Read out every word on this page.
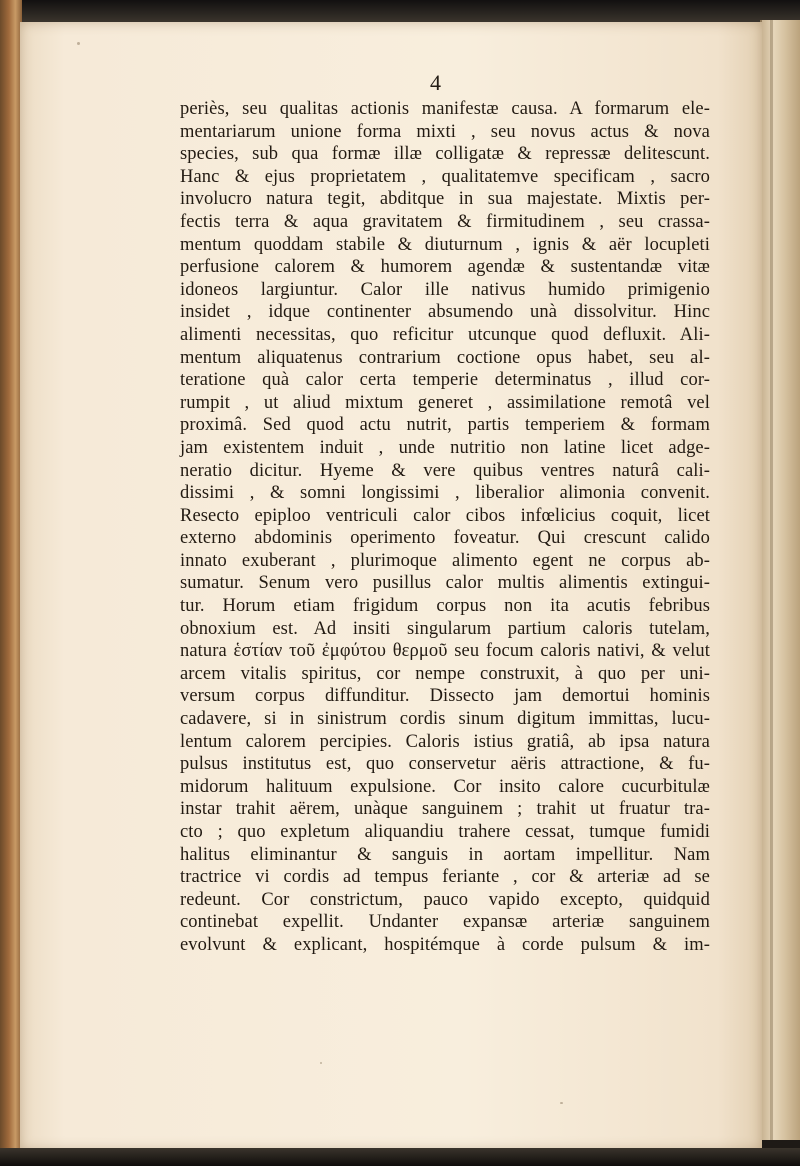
4
periès, seu qualitas actionis manifestæ causa. A formarum ele-
mentariarum unione forma mixti , seu novus actus & nova
species, sub qua formæ illæ colligatæ & repressæ delitescunt.
Hanc & ejus proprietatem , qualitatemve specificam , sacro
involucro natura tegit, abditque in sua majestate. Mixtis per-
fectis terra & aqua gravitatem & firmitudinem , seu crassa-
mentum quoddam stabile & diuturnum , ignis & aër locupleti
perfusione calorem & humorem agendæ & sustentandæ vitæ
idoneos largiuntur. Calor ille nativus humido primigenio
insidet , idque continenter absumendo unà dissolvitur. Hinc
alimenti necessitas, quo reficitur utcunque quod defluxit. Ali-
mentum aliquatenus contrarium coctione opus habet, seu al-
teratione quà calor certa temperie determinatus , illud cor-
rumpit , ut aliud mixtum generet , assimilatione remotâ vel
proximâ. Sed quod actu nutrit, partis temperiem & formam
jam existentem induit , unde nutritio non latine licet adge-
neratio dicitur. Hyeme & vere quibus ventres naturâ cali-
dissimi , & somni longissimi , liberalior alimonia convenit.
Resecto epiploo ventriculi calor cibos infœlicius coquit, licet
externo abdominis operimento foveatur. Qui crescunt calido
innato exuberant , plurimoque alimento egent ne corpus ab-
sumatur. Senum vero pusillus calor multis alimentis extingui-
tur. Horum etiam frigidum corpus non ita acutis febribus
obnoxium est. Ad insiti singularum partium caloris tutelam,
natura ἑστίαν τοῦ ἐμφύτου θερμοῦ seu focum caloris nativi, & velut
arcem vitalis spiritus, cor nempe construxit, à quo per uni-
versum corpus diffunditur. Dissecto jam demortui hominis
cadavere, si in sinistrum cordis sinum digitum immittas, lucu-
lentum calorem percipies. Caloris istius gratiâ, ab ipsa natura
pulsus institutus est, quo conservetur aëris attractione, & fu-
midorum halituum expulsione. Cor insito calore cucurbitulæ
instar trahit aërem, unàque sanguinem ; trahit ut fruatur tra-
cto ; quo expletum aliquandiu trahere cessat, tumque fumidi
halitus eliminantur & sanguis in aortam impellitur. Nam
tractrice vi cordis ad tempus feriante , cor & arteriæ ad se
redeunt. Cor constrictum, pauco vapido excepto, quidquid
continebat expellit. Undanter expansæ arteriæ sanguinem
evolvunt & explicant, hospitémque à corde pulsum & im-
